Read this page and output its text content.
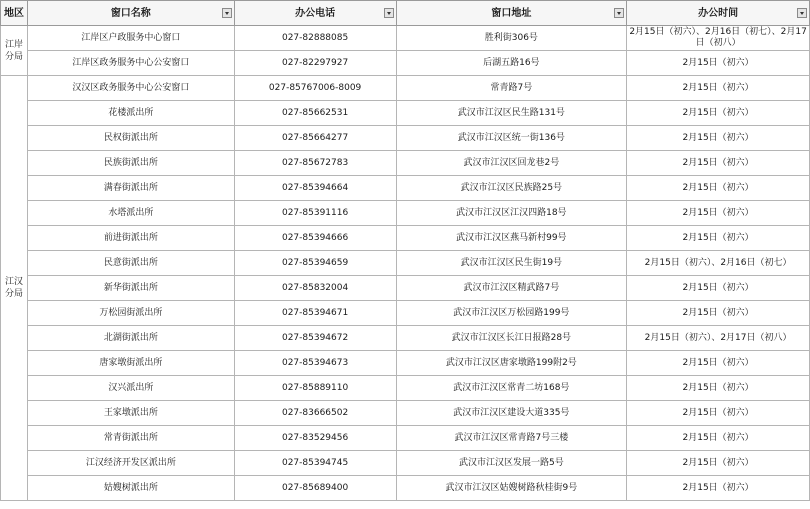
地区	窗口名称	办公电话	窗口地址	办公时间

江岸分局	江岸区户政服务中心窗口	027-82888085	胜利街306号	2月15日（初六）、2月16日（初七）、2月17日（初八）
	江岸区政务服务中心公安窗口	027-82297927	后湖五路16号	2月15日（初六）
江汉分局	汉汉区政务服务中心公安窗口	027-85767006-8009	常青路7号	2月15日（初六）
	花楼派出所	027-85662531	武汉市江汉区民生路131号	2月15日（初六）
	民权街派出所	027-85664277	武汉市江汉区统一街136号	2月15日（初六）
	民族街派出所	027-85672783	武汉市江汉区回龙巷2号	2月15日（初六）
	满春街派出所	027-85394664	武汉市江汉区民族路25号	2月15日（初六）
	水塔派出所	027-85391116	武汉市江汉区江汉四路18号	2月15日（初六）
	前进街派出所	027-85394666	武汉市江汉区燕马新村99号	2月15日（初六）
	民意街派出所	027-85394659	武汉市江汉区民生街19号	2月15日（初六）、2月16日（初七）
	新华街派出所	027-85832004	武汉市江汉区精武路7号	2月15日（初六）
	万松园街派出所	027-85394671	武汉市江汉区万松园路199号	2月15日（初六）
	北湖街派出所	027-85394672	武汉市江汉区长江日报路28号	2月15日（初六）、2月17日（初八）
	唐家墩街派出所	027-85394673	武汉市江汉区唐家墩路199附2号	2月15日（初六）
	汉兴派出所	027-85889110	武汉市江汉区常青二坊168号	2月15日（初六）
	王家墩派出所	027-83666502	武汉市江汉区建设大道335号	2月15日（初六）
	常青街派出所	027-83529456	武汉市江汉区常青路7号三楼	2月15日（初六）
	江汉经济开发区派出所	027-85394745	武汉市江汉区发展一路5号	2月15日（初六）
	姑嫂树派出所	027-85689400	武汉市江汉区姑嫂树路秋桂街9号	2月15日（初六）
